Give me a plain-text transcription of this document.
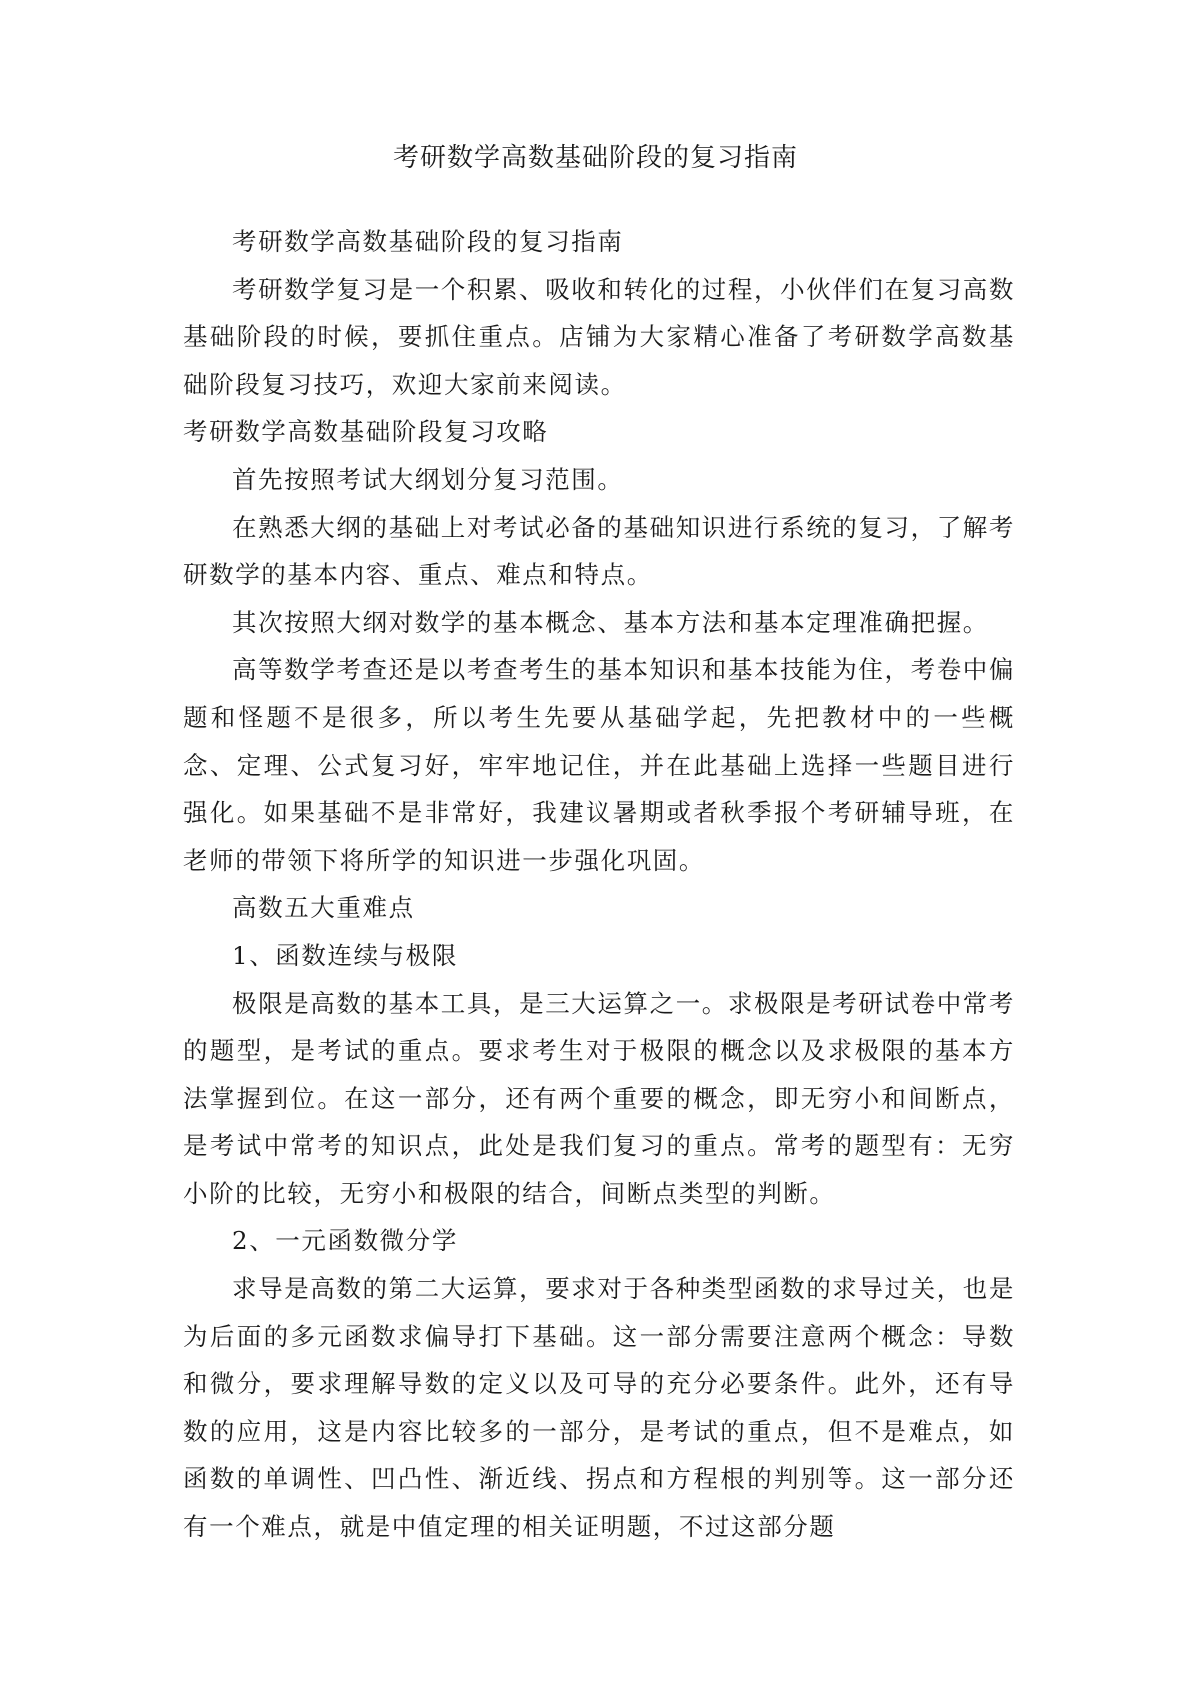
考研数学高数基础阶段的复习指南

考研数学高数基础阶段的复习指南

考研数学复习是一个积累、吸收和转化的过程，小伙伴们在复习高数基础阶段的时候，要抓住重点。店铺为大家精心准备了考研数学高数基础阶段复习技巧，欢迎大家前来阅读。

考研数学高数基础阶段复习攻略

首先按照考试大纲划分复习范围。

在熟悉大纲的基础上对考试必备的基础知识进行系统的复习，了解考研数学的基本内容、重点、难点和特点。

其次按照大纲对数学的基本概念、基本方法和基本定理准确把握。

高等数学考查还是以考查考生的基本知识和基本技能为住，考卷中偏题和怪题不是很多，所以考生先要从基础学起，先把教材中的一些概念、定理、公式复习好，牢牢地记住，并在此基础上选择一些题目进行强化。如果基础不是非常好，我建议暑期或者秋季报个考研辅导班，在老师的带领下将所学的知识进一步强化巩固。

高数五大重难点

1、函数连续与极限

极限是高数的基本工具，是三大运算之一。求极限是考研试卷中常考的题型，是考试的重点。要求考生对于极限的概念以及求极限的基本方法掌握到位。在这一部分，还有两个重要的概念，即无穷小和间断点，是考试中常考的知识点，此处是我们复习的重点。常考的题型有：无穷小阶的比较，无穷小和极限的结合，间断点类型的判断。

2、一元函数微分学

求导是高数的第二大运算，要求对于各种类型函数的求导过关，也是为后面的多元函数求偏导打下基础。这一部分需要注意两个概念：导数和微分，要求理解导数的定义以及可导的充分必要条件。此外，还有导数的应用，这是内容比较多的一部分，是考试的重点，但不是难点，如函数的单调性、凹凸性、渐近线、拐点和方程根的判别等。这一部分还有一个难点，就是中值定理的相关证明题，不过这部分题
